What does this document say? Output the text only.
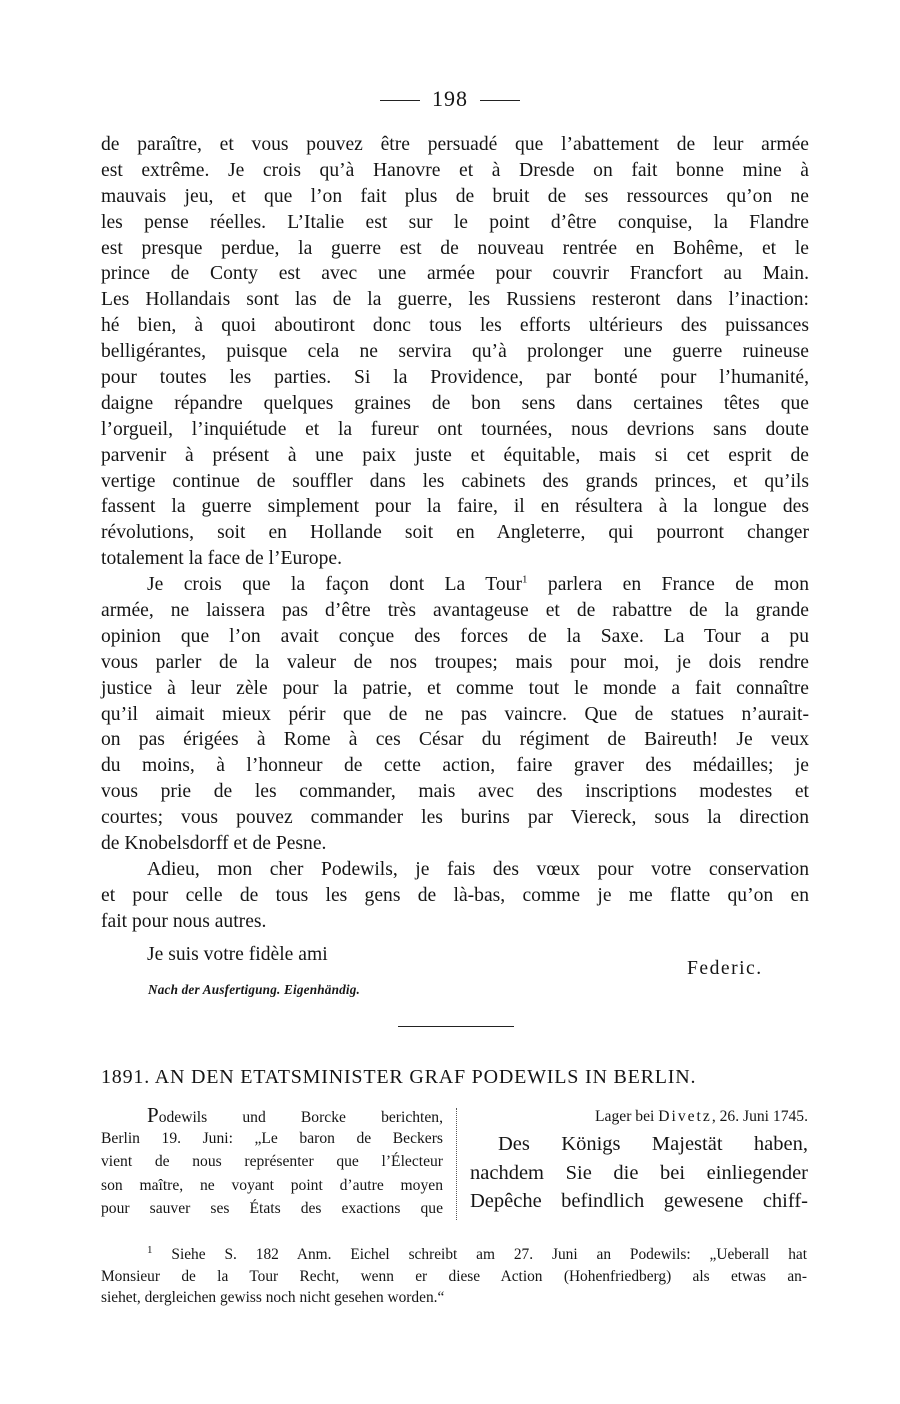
198
de paraître, et vous pouvez être persuadé que l’abattement de leur armée
est extrême. Je crois qu’à Hanovre et à Dresde on fait bonne mine à
mauvais jeu, et que l’on fait plus de bruit de ses ressources qu’on ne
les pense réelles. L’Italie est sur le point d’être conquise, la Flandre
est presque perdue, la guerre est de nouveau rentrée en Bohême, et le
prince de Conty est avec une armée pour couvrir Francfort au Main.
Les Hollandais sont las de la guerre, les Russiens resteront dans l’inaction:
hé bien, à quoi aboutiront donc tous les efforts ultérieurs des puissances
belligérantes, puisque cela ne servira qu’à prolonger une guerre ruineuse
pour toutes les parties. Si la Providence, par bonté pour l’humanité,
daigne répandre quelques graines de bon sens dans certaines têtes que
l’orgueil, l’inquiétude et la fureur ont tournées, nous devrions sans doute
parvenir à présent à une paix juste et équitable, mais si cet esprit de
vertige continue de souffler dans les cabinets des grands princes, et qu’ils
fassent la guerre simplement pour la faire, il en résultera à la longue des
révolutions, soit en Hollande soit en Angleterre, qui pourront changer
totalement la face de l’Europe.
Je crois que la façon dont La Tour$^1$ parlera en France de mon
armée, ne laissera pas d’être très avantageuse et de rabattre de la grande
opinion que l’on avait conçue des forces de la Saxe. La Tour a pu
vous parler de la valeur de nos troupes; mais pour moi, je dois rendre
justice à leur zèle pour la patrie, et comme tout le monde a fait connaître
qu’il aimait mieux périr que de ne pas vaincre. Que de statues n’aurait-
on pas érigées à Rome à ces César du régiment de Baireuth! Je veux
du moins, à l’honneur de cette action, faire graver des médailles; je
vous prie de les commander, mais avec des inscriptions modestes et
courtes; vous pouvez commander les burins par Viereck, sous la direction
de Knobelsdorff et de Pesne.
Adieu, mon cher Podewils, je fais des vœux pour votre conservation
et pour celle de tous les gens de là-bas, comme je me flatte qu’on en
fait pour nous autres.
Je suis votre fidèle ami
Federic.
Nach der Ausfertigung. Eigenhändig.
1891. AN DEN ETATSMINISTER GRAF PODEWILS IN BERLIN.
Podewils und Borcke berichten,
Berlin 19. Juni: „Le baron de Beckers
vient de nous représenter que l’Électeur
son maître, ne voyant point d’autre moyen
pour sauver ses États des exactions que
Lager bei Divetz, 26. Juni 1745.
Des Königs Majestät haben,
nachdem Sie die bei einliegender
Depêche befindlich gewesene chiff-
$^1$ Siehe S. 182 Anm. Eichel schreibt am 27. Juni an Podewils: „Ueberall hat
Monsieur de la Tour Recht, wenn er diese Action (Hohenfriedberg) als etwas an-
siehet, dergleichen gewiss noch nicht gesehen worden.“
